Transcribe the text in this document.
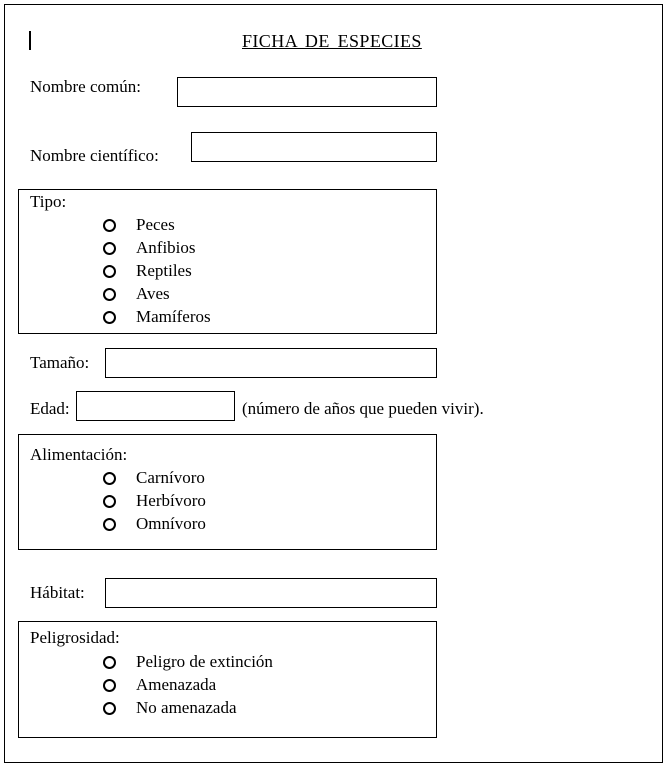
FICHA DE ESPECIES
Nombre común:
Nombre científico:
Tipo:
Peces
Anfibios
Reptiles
Aves
Mamíferos
Tamaño:
Edad:	(número de años que pueden vivir).
Alimentación:
Carnívoro
Herbívoro
Omnívoro
Hábitat:
Peligrosidad:
Peligro de extinción
Amenazada
No amenazada
